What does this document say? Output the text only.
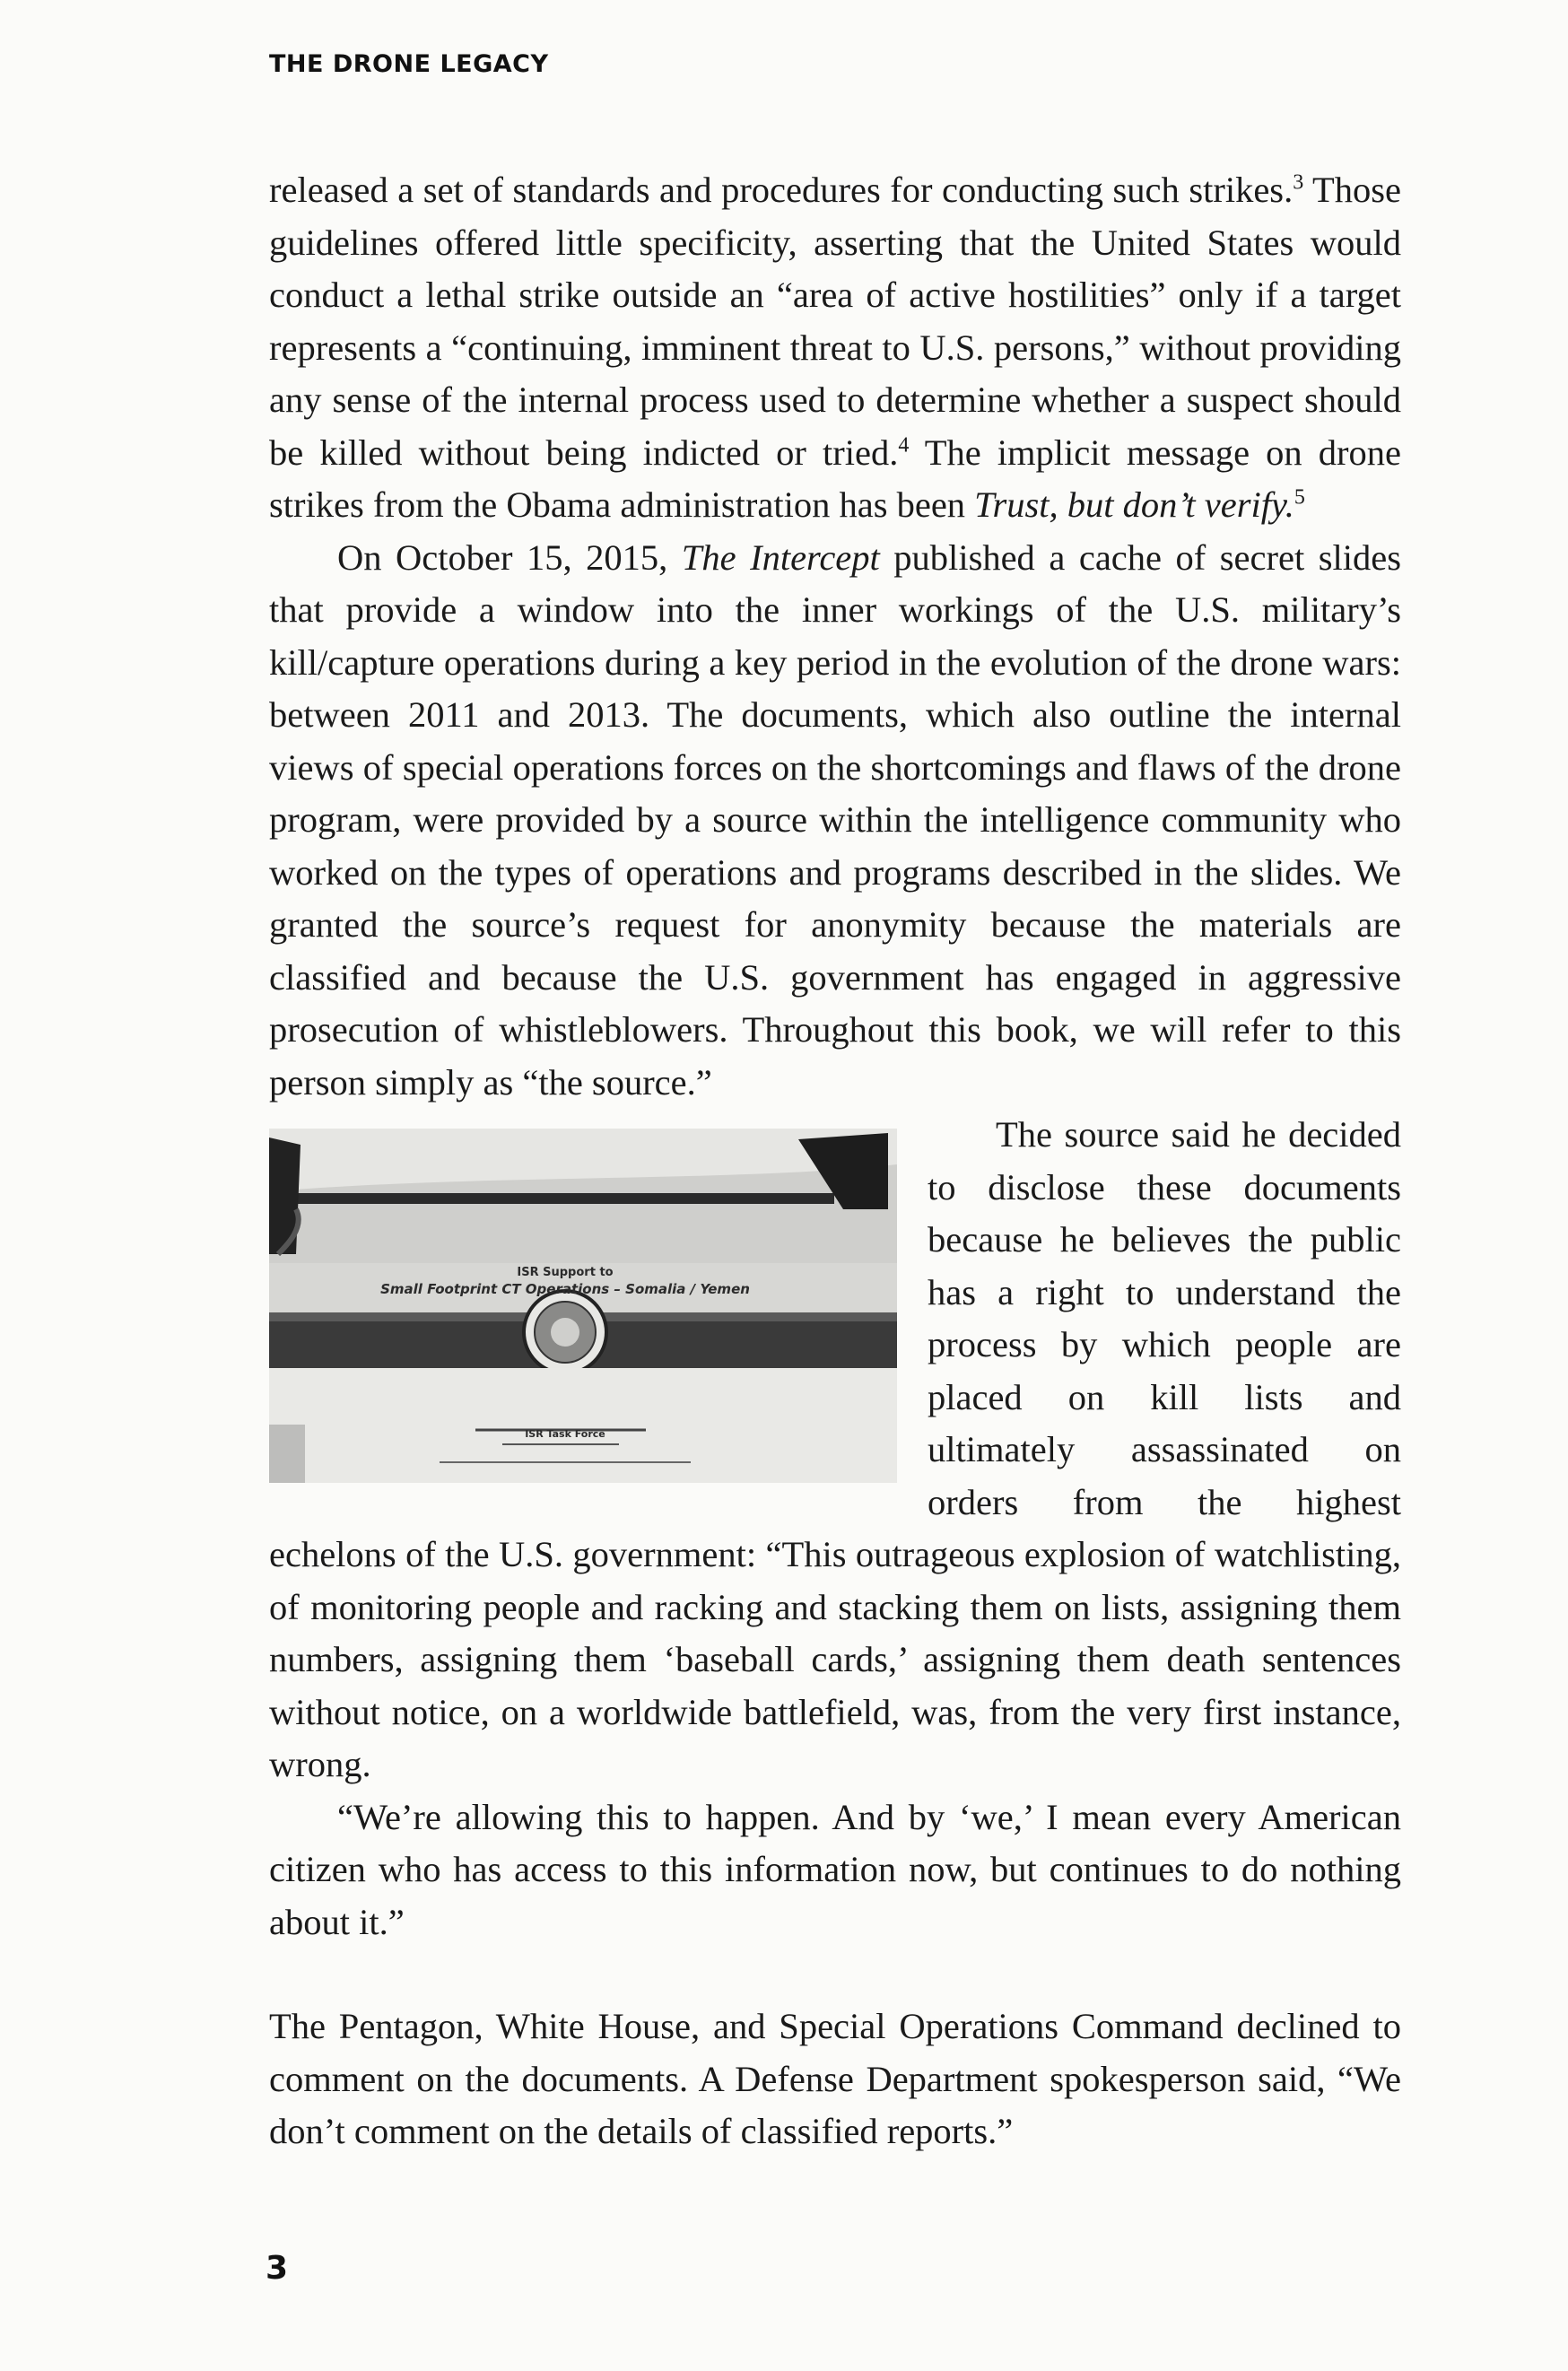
THE DRONE LEGACY

released a set of standards and procedures for conducting such strikes.$^3$ Those guidelines offered little specificity, asserting that the United States would conduct a lethal strike outside an “area of active hostilities” only if a target represents a “continuing, imminent threat to U.S. persons,” without providing any sense of the internal process used to determine whether a suspect should be killed without being indicted or tried.$^4$ The implicit message on drone strikes from the Obama administration has been Trust, but don’t verify.$^5$

On October 15, 2015, The Intercept published a cache of secret slides that provide a window into the inner workings of the U.S. military’s kill/capture operations during a key period in the evolution of the drone wars: between 2011 and 2013. The documents, which also outline the internal views of special operations forces on the shortcomings and flaws of the drone program, were provided by a source within the intelligence community who worked on the types of operations and programs described in the slides. We granted the source’s request for anonymity because the materials are classified and because the U.S. government has engaged in aggressive prosecution of whistleblowers. Throughout this book, we will refer to this person simply as “the source.”

ISR Support to
Small Footprint CT Operations – Somalia / Yemen
ISR Task Force

The source said he decided to disclose these documents because he believes the public has a right to understand the process by which people are placed on kill lists and ultimately assassinated on orders from the highest echelons of the U.S. government: “This outrageous explosion of watchlisting, of monitoring people and racking and stacking them on lists, assigning them numbers, assigning them ‘baseball cards,’ assigning them death sentences without notice, on a worldwide battlefield, was, from the very first instance, wrong.

“We’re allowing this to happen. And by ‘we,’ I mean every American citizen who has access to this information now, but continues to do nothing about it.”

The Pentagon, White House, and Special Operations Command declined to comment on the documents. A Defense Department spokesperson said, “We don’t comment on the details of classified reports.”

3
